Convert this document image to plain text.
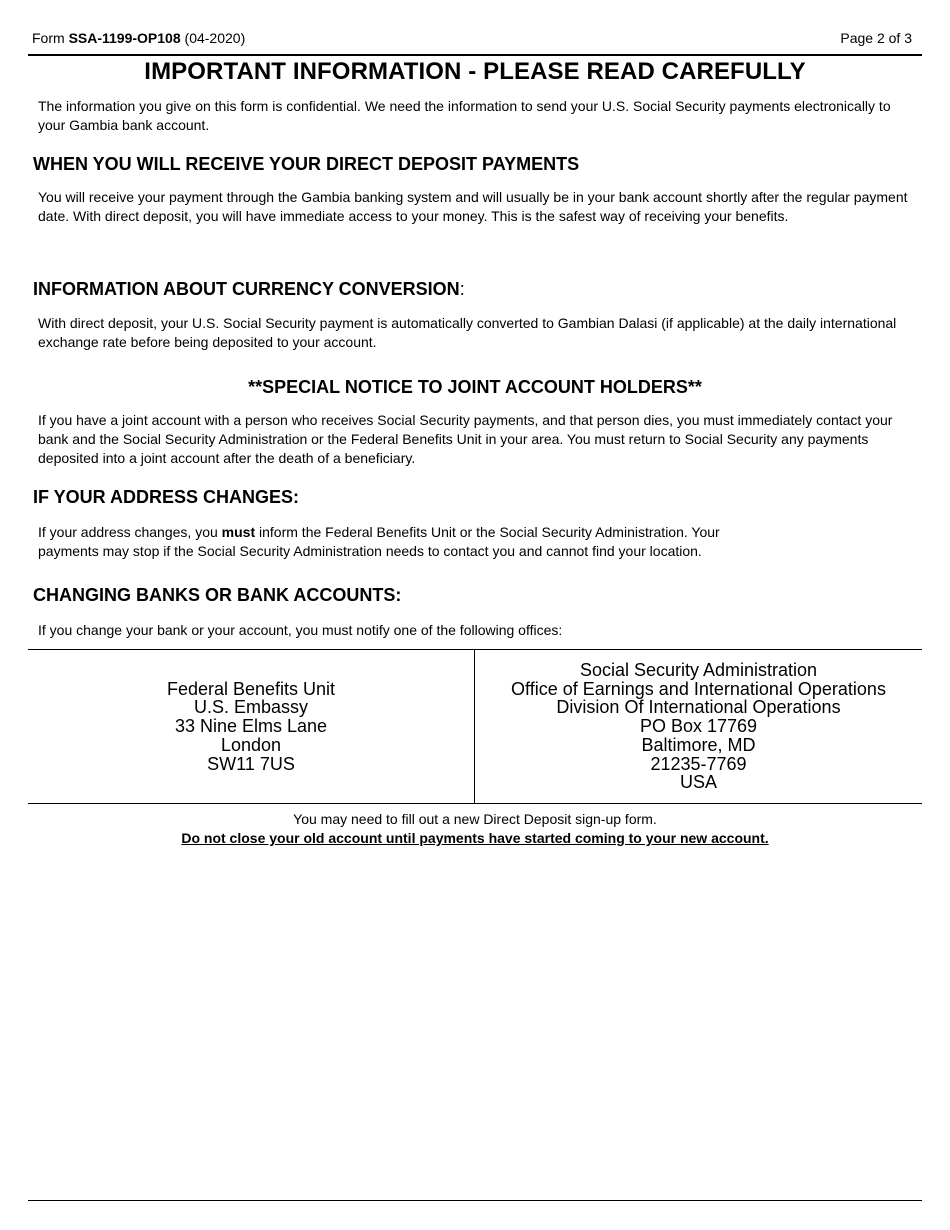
Form SSA-1199-OP108 (04-2020)	Page 2 of 3
IMPORTANT INFORMATION - PLEASE READ CAREFULLY
The information you give on this form is confidential. We need the information to send your U.S. Social Security payments electronically to your Gambia bank account.
WHEN YOU WILL RECEIVE YOUR DIRECT DEPOSIT PAYMENTS
You will receive your payment through the Gambia banking system and will usually be in your bank account shortly after the regular payment date. With direct deposit, you will have immediate access to your money. This is the safest way of receiving your benefits.
INFORMATION ABOUT CURRENCY CONVERSION:
With direct deposit, your U.S. Social Security payment is automatically converted to Gambian Dalasi (if applicable) at the daily international exchange rate before being deposited to your account.
**SPECIAL NOTICE TO JOINT ACCOUNT HOLDERS**
If you have a joint account with a person who receives Social Security payments, and that person dies, you must immediately contact your bank and the Social Security Administration or the Federal Benefits Unit in your area. You must return to Social Security any payments deposited into a joint account after the death of a beneficiary.
IF YOUR ADDRESS CHANGES:
If your address changes, you must inform the Federal Benefits Unit or the Social Security Administration. Your
payments may stop if the Social Security Administration needs to contact you and cannot find your location.
CHANGING BANKS OR BANK ACCOUNTS:
If you change your bank or your account, you must notify one of the following offices:
Federal Benefits Unit
U.S. Embassy
33 Nine Elms Lane
London
SW11 7US
Social Security Administration
Office of Earnings and International Operations
Division Of International Operations
PO Box 17769
Baltimore, MD
21235-7769
USA
You may need to fill out a new Direct Deposit sign-up form.
Do not close your old account until payments have started coming to your new account.
